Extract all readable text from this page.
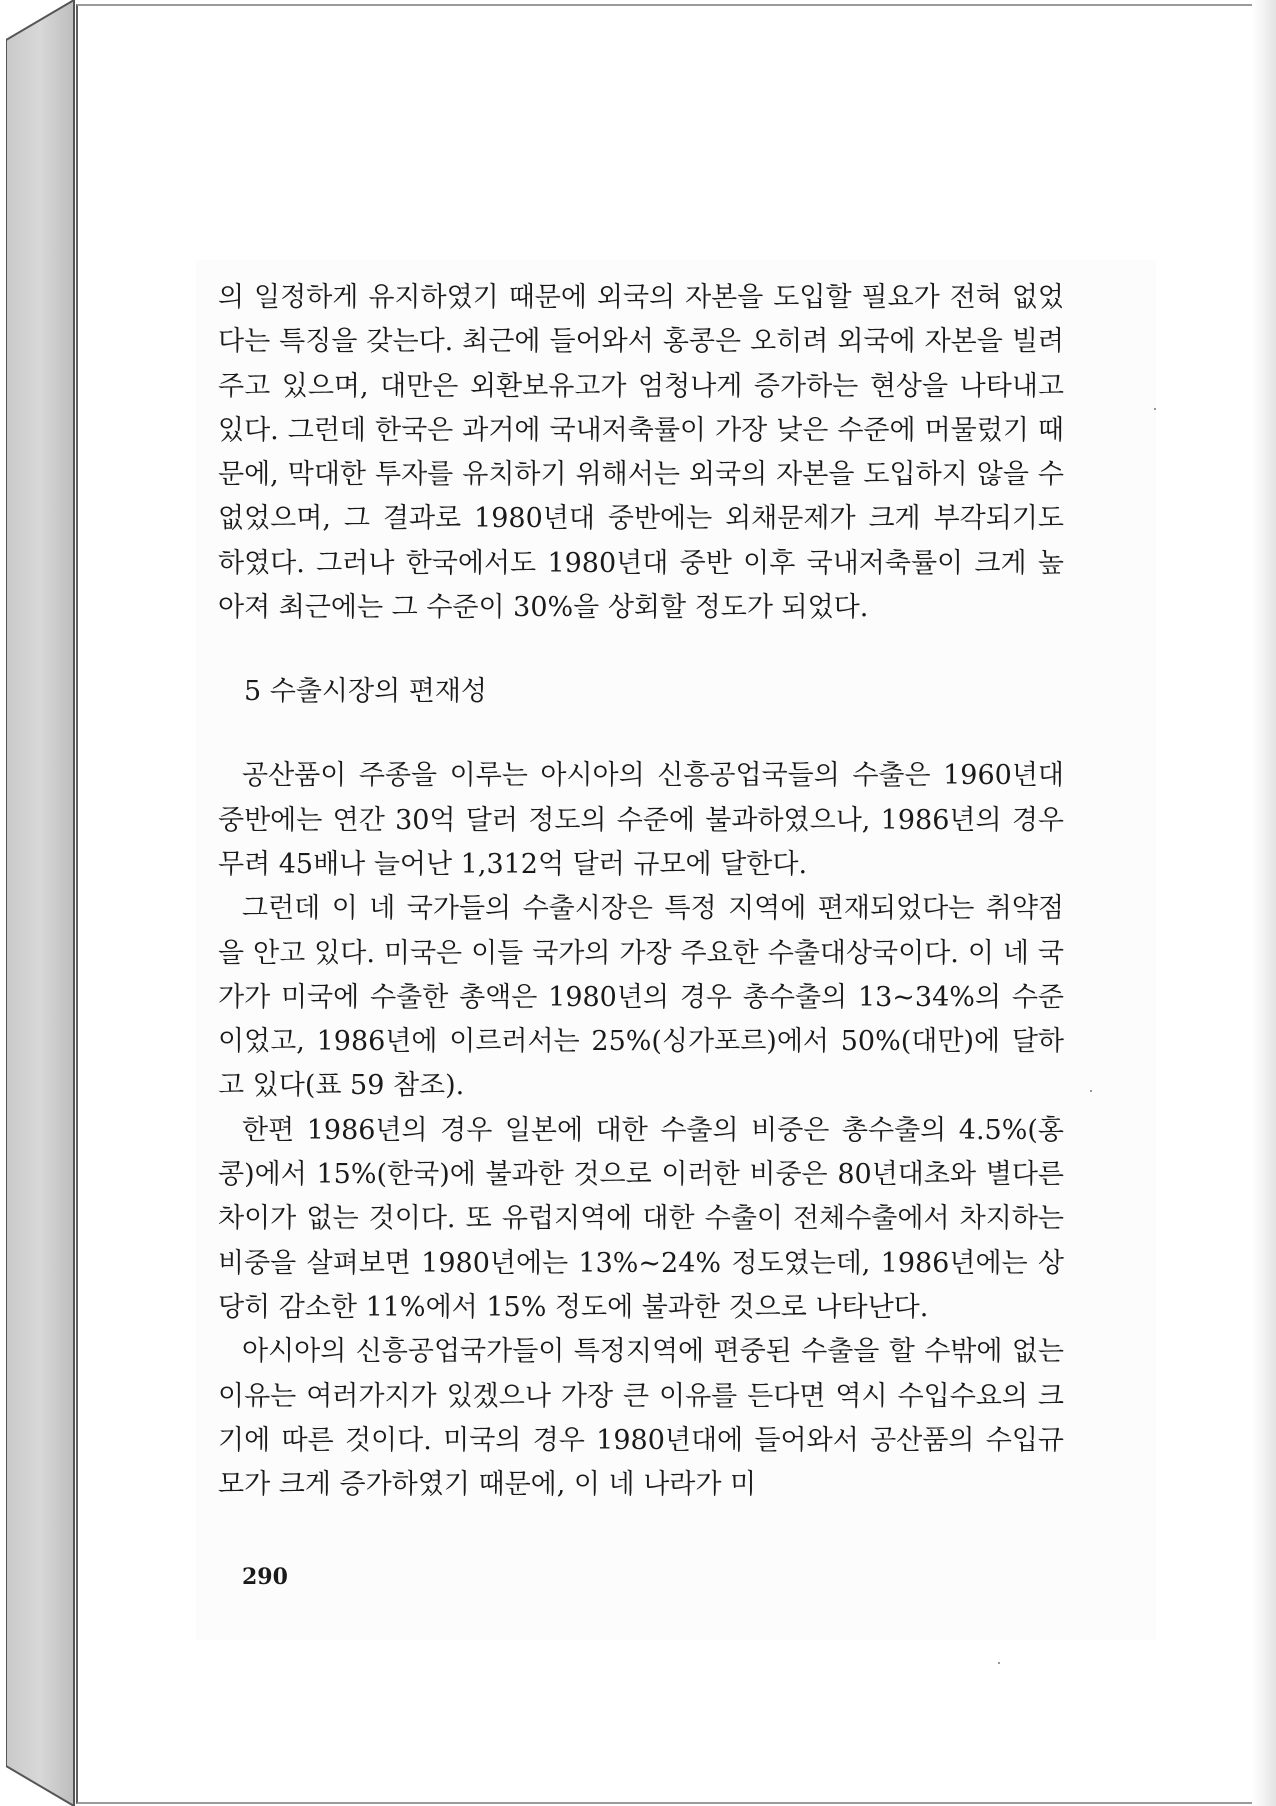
의 일정하게 유지하였기 때문에 외국의 자본을 도입할 필요가 전혀 없었다는 특징을 갖는다. 최근에 들어와서 홍콩은 오히려 외국에 자본을 빌려주고 있으며, 대만은 외환보유고가 엄청나게 증가하는 현상을 나타내고 있다. 그런데 한국은 과거에 국내저축률이 가장 낮은 수준에 머물렀기 때문에, 막대한 투자를 유치하기 위해서는 외국의 자본을 도입하지 않을 수 없었으며, 그 결과로 1980년대 중반에는 외채문제가 크게 부각되기도 하였다. 그러나 한국에서도 1980년대 중반 이후 국내저축률이 크게 높아져 최근에는 그 수준이 30%을 상회할 정도가 되었다.

5 수출시장의 편재성

공산품이 주종을 이루는 아시아의 신흥공업국들의 수출은 1960년대 중반에는 연간 30억 달러 정도의 수준에 불과하였으나, 1986년의 경우 무려 45배나 늘어난 1,312억 달러 규모에 달한다.

그런데 이 네 국가들의 수출시장은 특정 지역에 편재되었다는 취약점을 안고 있다. 미국은 이들 국가의 가장 주요한 수출대상국이다. 이 네 국가가 미국에 수출한 총액은 1980년의 경우 총수출의 13~34%의 수준이었고, 1986년에 이르러서는 25%(싱가포르)에서 50%(대만)에 달하고 있다(표 59 참조).

한편 1986년의 경우 일본에 대한 수출의 비중은 총수출의 4.5%(홍콩)에서 15%(한국)에 불과한 것으로 이러한 비중은 80년대초와 별다른 차이가 없는 것이다. 또 유럽지역에 대한 수출이 전체수출에서 차지하는 비중을 살펴보면 1980년에는 13%~24% 정도였는데, 1986년에는 상당히 감소한 11%에서 15% 정도에 불과한 것으로 나타난다.

아시아의 신흥공업국가들이 특정지역에 편중된 수출을 할 수밖에 없는 이유는 여러가지가 있겠으나 가장 큰 이유를 든다면 역시 수입수요의 크기에 따른 것이다. 미국의 경우 1980년대에 들어와서 공산품의 수입규모가 크게 증가하였기 때문에, 이 네 나라가 미

290
